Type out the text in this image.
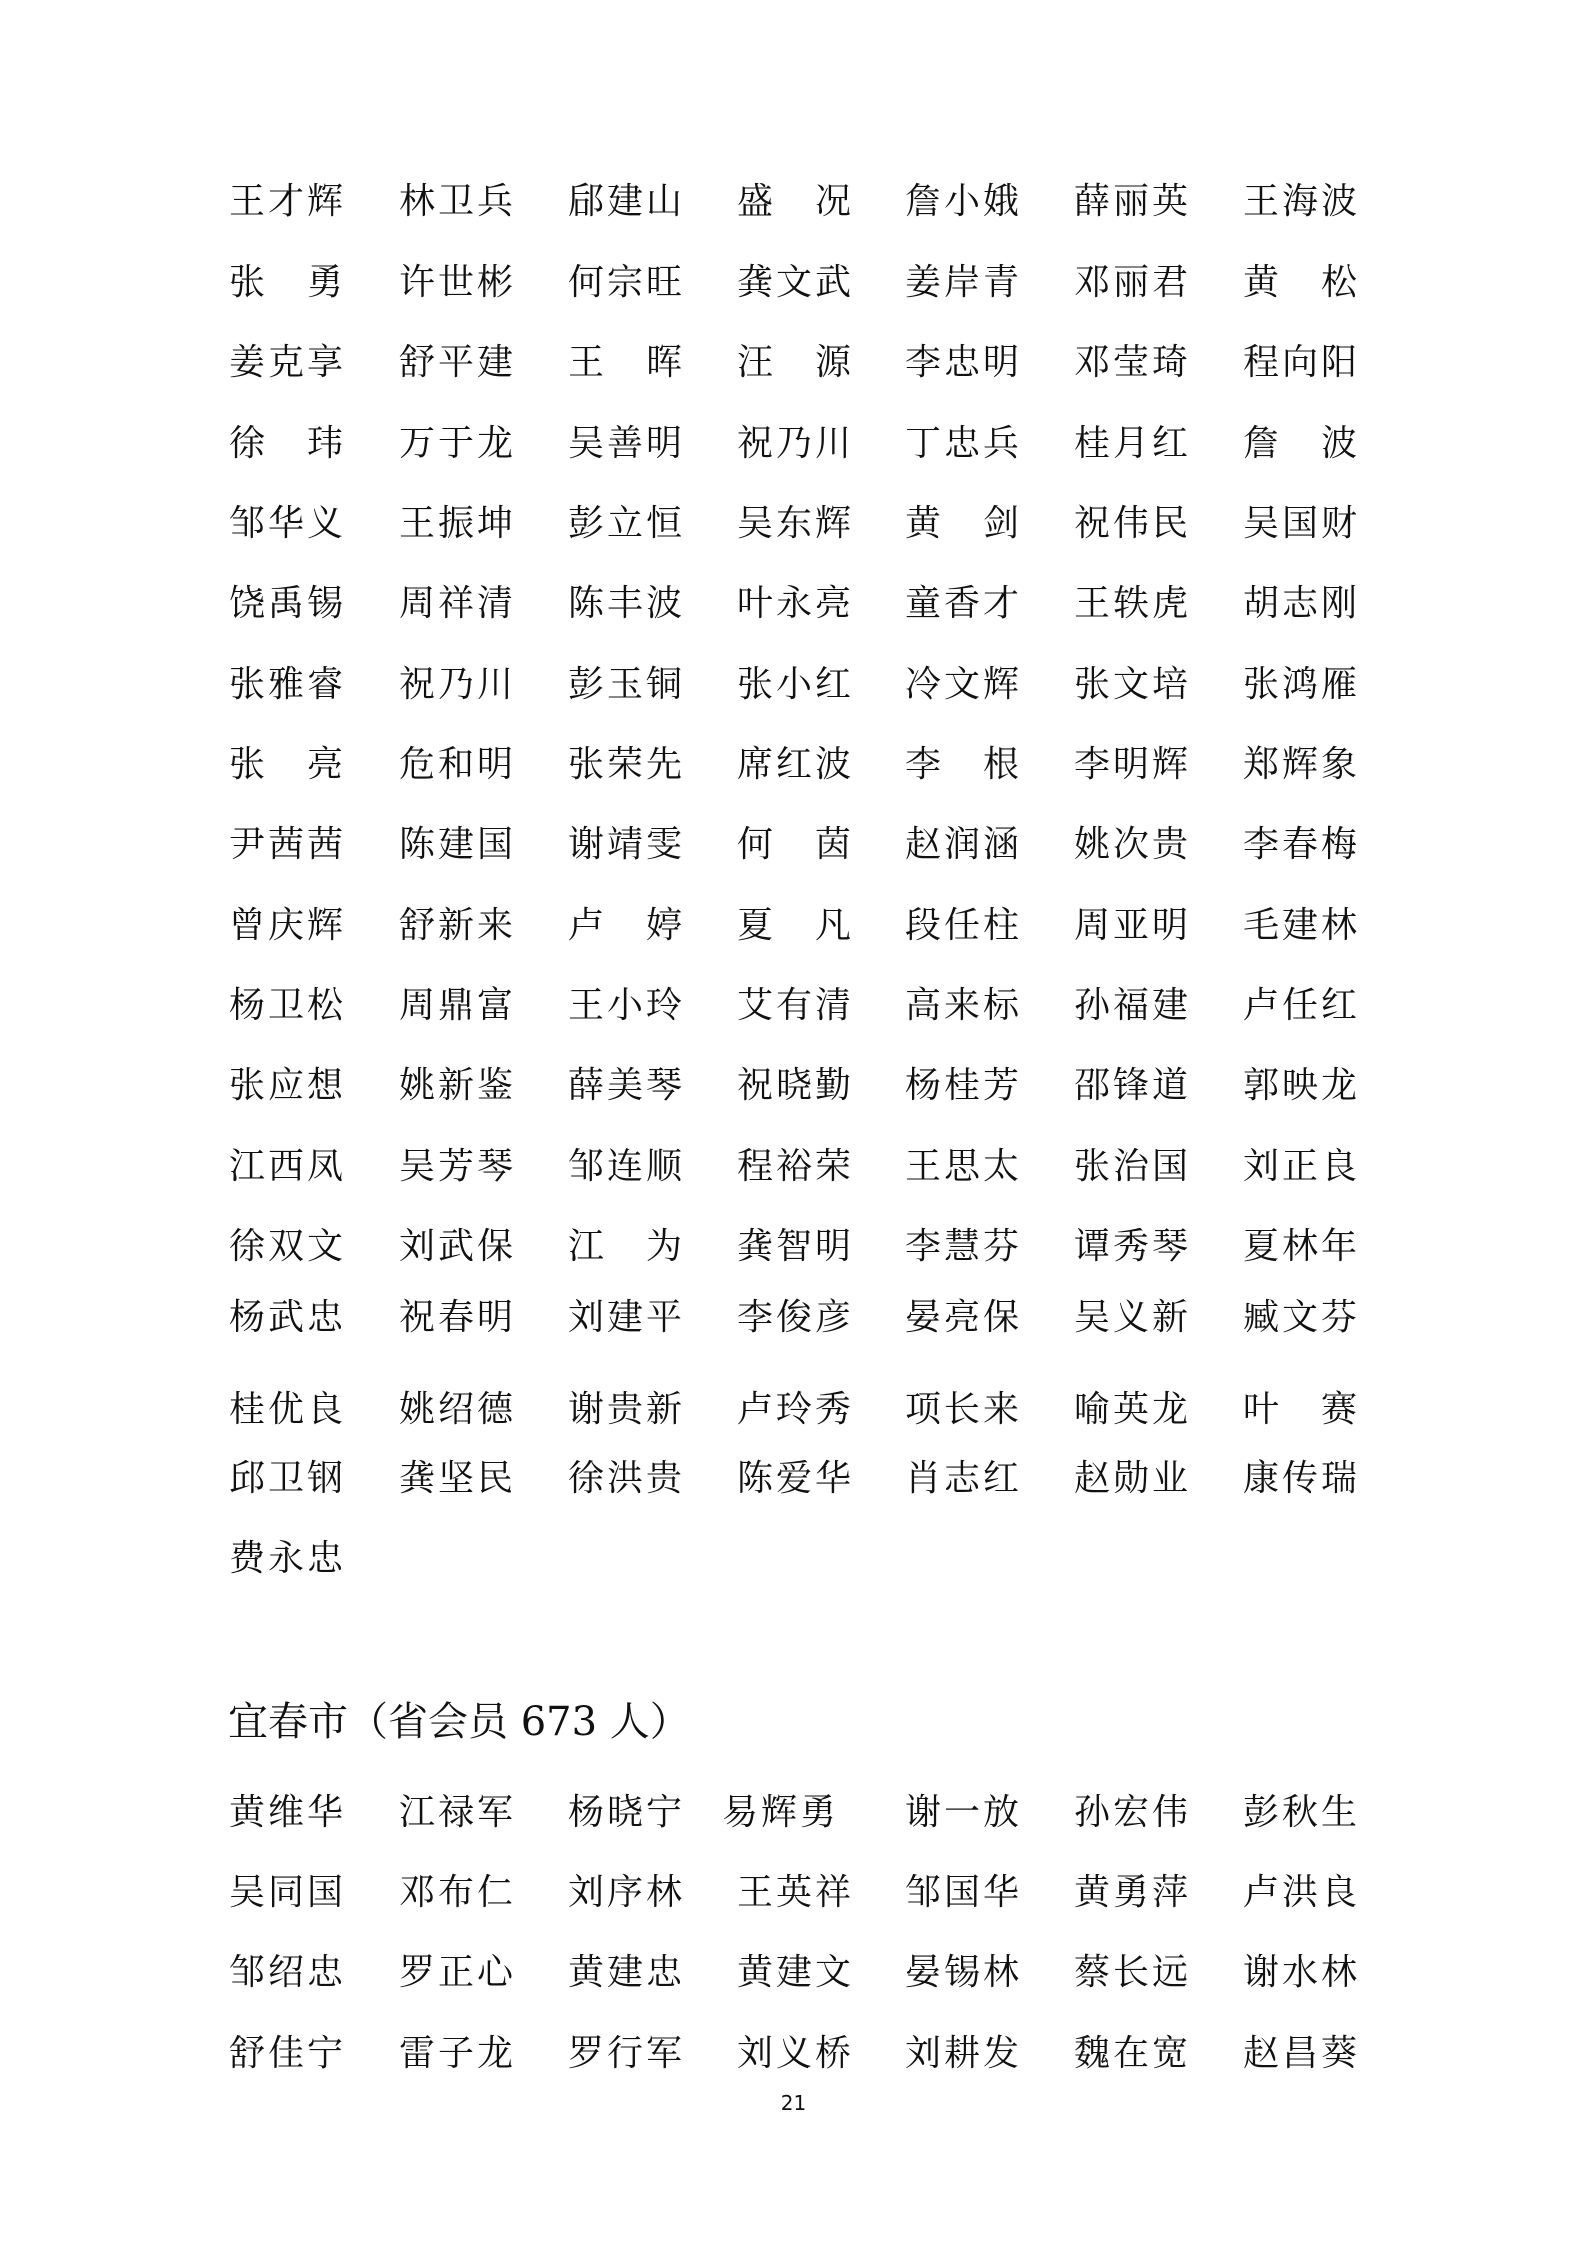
王 才 辉 林 卫 兵 郈 建 山 盛
　 况 詹 小 娥 薛 丽 英 王 海 波
张
　 勇 许 世 彬 何 宗 旺 龚 文 武 姜 岸 青 邓 丽 君 黄
　 松
姜 克 享 舒 平 建 王
　 晖 汪
　 源 李 忠 明 邓 莹 琦 程 向 阳
徐
　 玮 万 于 龙 吴 善 明 祝 乃 川 丁 忠 兵 桂 月 红 詹
　 波
邹 华 义 王 振 坤 彭 立 恒 吴 东 辉 黄
　 剑 祝 伟 民 吴 国 财
饶 禹 锡 周 祥 清 陈 丰 波 叶 永 亮 童 香 才 王 轶 虎 胡 志 刚
张 雅 睿 祝 乃 川 彭 玉 铜 张 小 红 冷 文 辉 张 文 培 张 鸿 雁
张
　 亮 危 和 明 张 荣 先 席 红 波 李
　 根 李 明 辉 郑 辉 象
尹 茜 茜 陈 建 国 谢 靖 雯 何
　 茵 赵 润 涵 姚 次 贵 李 春 梅
曾 庆 辉 舒 新 来 卢
　 婷 夏
　 凡 段 任 柱 周 亚 明 毛 建 林
杨 卫 松 周 鼎 富 王 小 玲 艾 有 清 高 来 标 孙 福 建 卢 任 红
张 应 想 姚 新 鉴 薛 美 琴 祝 晓 勤 杨 桂 芳 邵 锋 道 郭 映 龙
江 西 凤 吴 芳 琴 邹 连 顺 程 裕 荣 王 思 太 张 治 国 刘 正 良
徐 双 文 刘 武 保 江
　 为 龚 智 明 李 慧 芬 谭 秀 琴 夏 林 年
杨 武 忠 祝 春 明 刘 建 平 李 俊 彦 晏 亮 保 吴 义 新 臧 文 芬
桂 优 良 姚 绍 德 谢 贵 新 卢 玲 秀 项 长 来 喻 英 龙 叶
　 赛
邱 卫 钢 龚 坚 民 徐 洪 贵 陈 爱 华 肖 志 红 赵 勋 业 康 传 瑞
费 永 忠
宜春市（省会员 673 人）
黄 维 华 江 禄 军 杨 晓 宁 易 辉 勇 谢 一 放 孙 宏 伟 彭 秋 生
吴 同 国 邓 布 仁 刘 序 林 王 英 祥 邹 国 华 黄 勇 萍 卢 洪 良
邹 绍 忠 罗 正 心 黄 建 忠 黄 建 文 晏 锡 林 蔡 长 远 谢 水 林
舒 佳 宁 雷 子 龙 罗 行 军 刘 义 桥 刘 耕 发 魏 在 宽 赵 昌 葵
21
